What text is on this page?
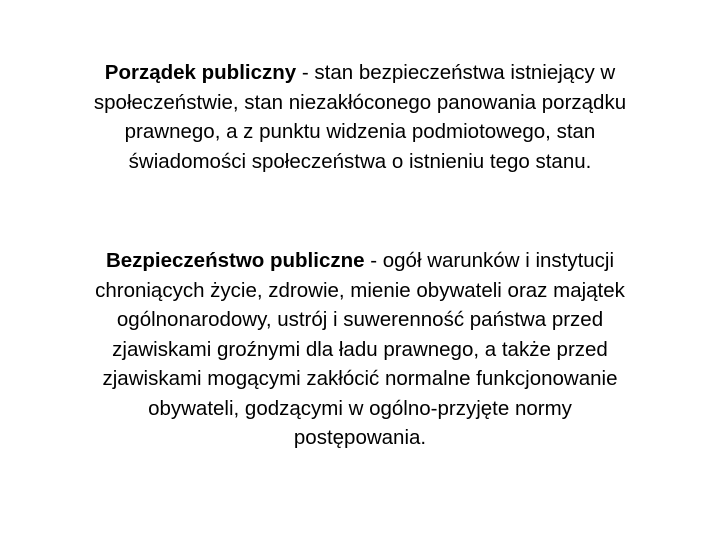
Porządek publiczny - stan bezpieczeństwa istniejący w społeczeństwie, stan niezakłóconego panowania porządku prawnego, a z punktu widzenia podmiotowego, stan świadomości społeczeństwa o istnieniu tego stanu.

Bezpieczeństwo publiczne - ogół warunków i instytucji chroniących życie, zdrowie, mienie obywateli oraz majątek ogólnonarodowy, ustrój i suwerenność państwa przed zjawiskami groźnymi dla ładu prawnego, a także przed zjawiskami mogącymi zakłócić normalne funkcjonowanie obywateli, godzącymi w ogólno-przyjęte normy postępowania.
